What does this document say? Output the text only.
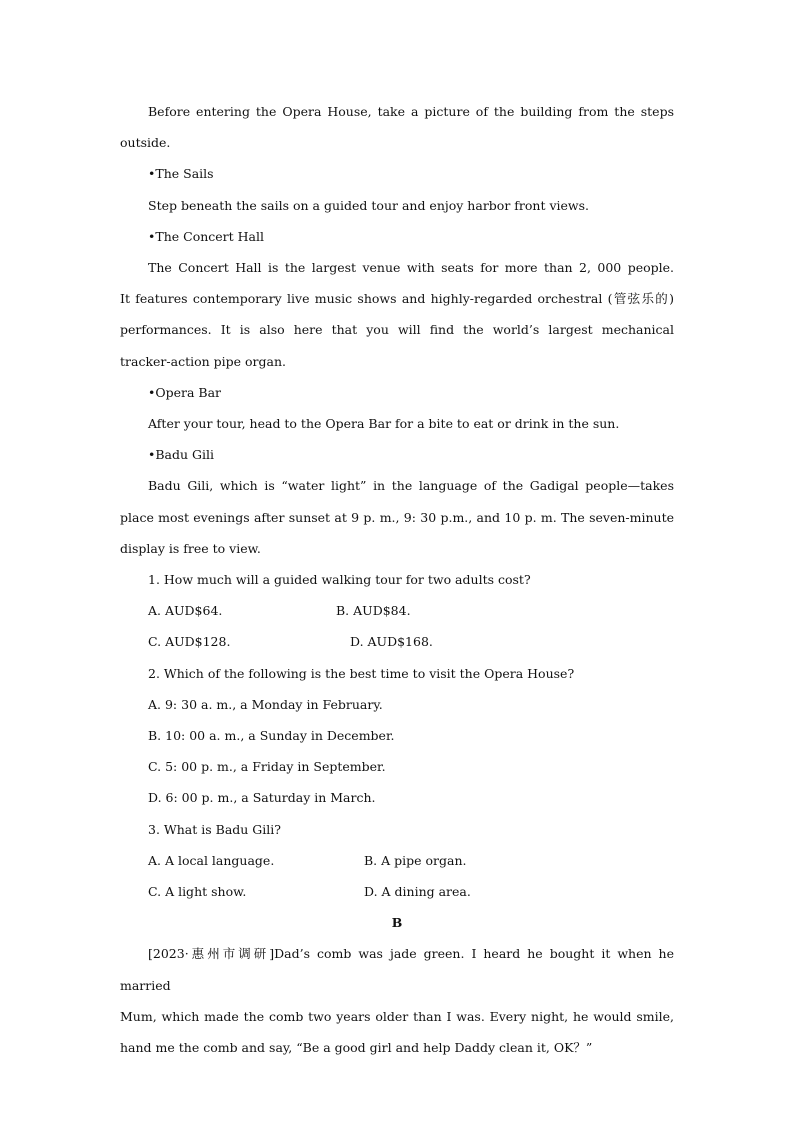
Before entering the Opera House, take a picture of the building from the steps

outside.

•The Sails

Step beneath the sails on a guided tour and enjoy harbor front views.

•The Concert Hall

The Concert Hall is the largest venue with seats for more than 2, 000 people.

It features contemporary live music shows and highly-regarded orchestral (管弦乐的)

performances. It is also here that you will find the world’s largest mechanical

tracker-action pipe organ.

•Opera Bar

After your tour, head to the Opera Bar for a bite to eat or drink in the sun.

•Badu Gili

Badu Gili, which is “water light” in the language of the Gadigal people—takes

place most evenings after sunset at 9 p. m., 9: 30 p.m., and 10 p. m. The seven-minute

display is free to view.

1. How much will a guided walking tour for two adults cost?

A. AUD$64.	B. AUD$84.
C. AUD$128.	D. AUD$168.

2. Which of the following is the best time to visit the Opera House?

A. 9: 30 a. m., a Monday in February.

B. 10: 00 a. m., a Sunday in December.

C. 5: 00 p. m., a Friday in September.

D. 6: 00 p. m., a Saturday in March.

3. What is Badu Gili?

A. A local language.	B. A pipe organ.
C. A light show.	D. A dining area.

B

[2023·惠州市调研]Dad’s comb was jade green. I heard he bought it when he married

Mum, which made the comb two years older than I was. Every night, he would smile,

hand me the comb and say, “Be a good girl and help Daddy clean it, OK？”
